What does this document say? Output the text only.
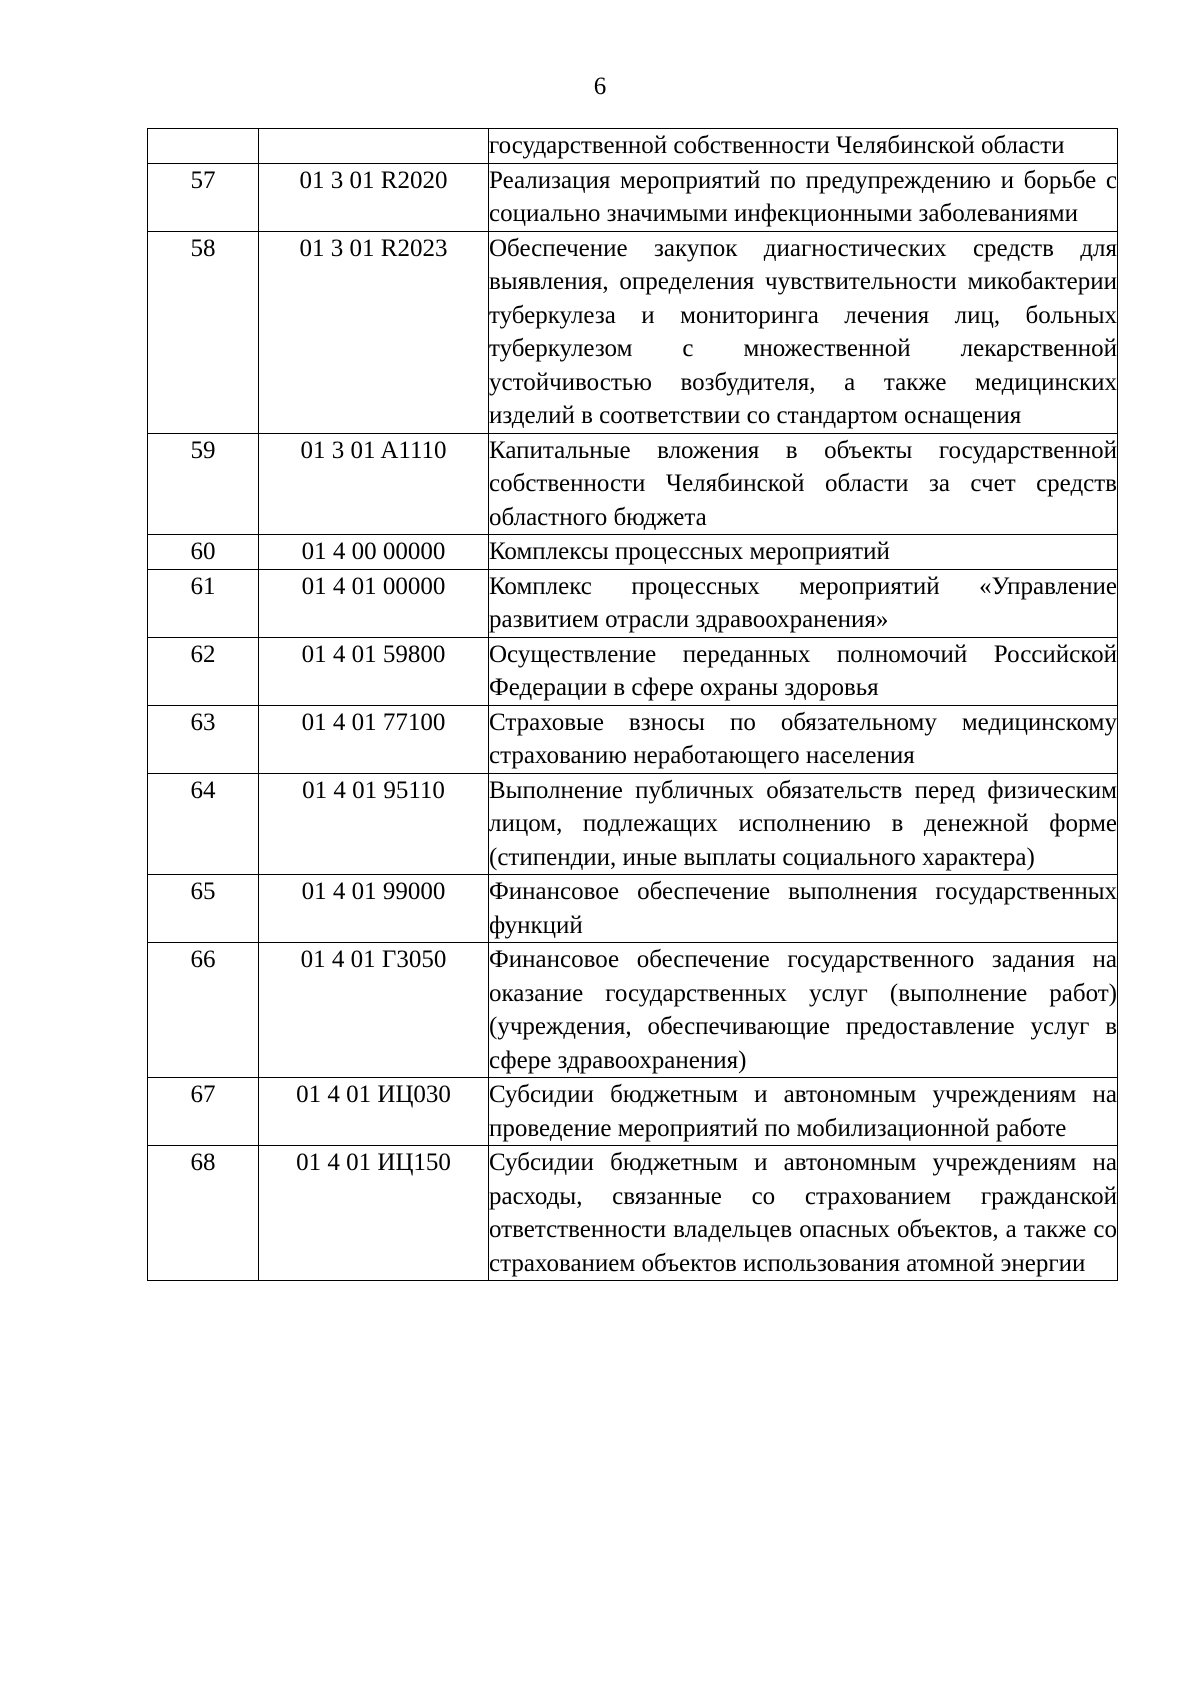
6
		государственной собственности Челябинской области
57	01 3 01 R2020	Реализация мероприятий по предупреждению и борьбе с социально значимыми инфекционными заболеваниями
58	01 3 01 R2023	Обеспечение закупок диагностических средств для выявления, определения чувствительности микобактерии туберкулеза и мониторинга лечения лиц, больных туберкулезом с множественной лекарственной устойчивостью возбудителя, а также медицинских изделий в соответствии со стандартом оснащения
59	01 3 01 A1110	Капитальные вложения в объекты государственной собственности Челябинской области за счет средств областного бюджета
60	01 4 00 00000	Комплексы процессных мероприятий
61	01 4 01 00000	Комплекс процессных мероприятий «Управление развитием отрасли здравоохранения»
62	01 4 01 59800	Осуществление переданных полномочий Российской Федерации в сфере охраны здоровья
63	01 4 01 77100	Страховые взносы по обязательному медицинскому страхованию неработающего населения
64	01 4 01 95110	Выполнение публичных обязательств перед физическим лицом, подлежащих исполнению в денежной форме (стипендии, иные выплаты социального характера)
65	01 4 01 99000	Финансовое обеспечение выполнения государственных функций
66	01 4 01 Г3050	Финансовое обеспечение государственного задания на оказание государственных услуг (выполнение работ) (учреждения, обеспечивающие предоставление услуг в сфере здравоохранения)
67	01 4 01 ИЦ030	Субсидии бюджетным и автономным учреждениям на проведение мероприятий по мобилизационной работе
68	01 4 01 ИЦ150	Субсидии бюджетным и автономным учреждениям на расходы, связанные со страхованием гражданской ответственности владельцев опасных объектов, а также со страхованием объектов использования атомной энергии
